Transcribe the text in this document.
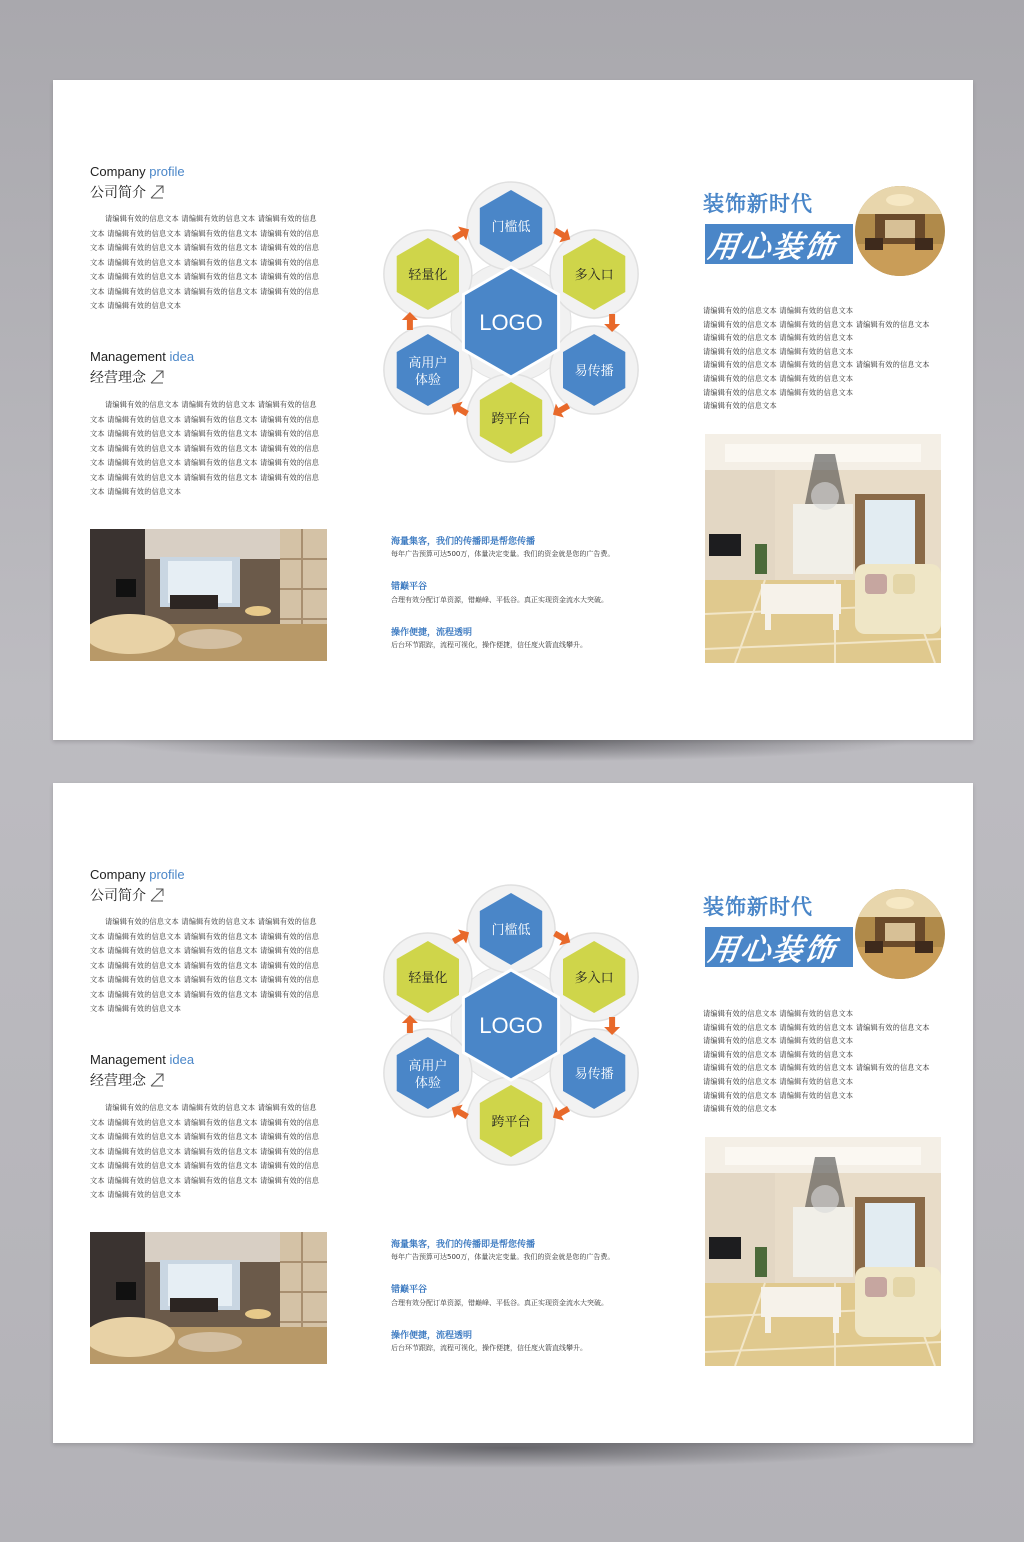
Company profile
公司简介
请编辑有效的信息文本 请编辑有效的信息文本 请编辑有效的信息
文本 请编辑有效的信息文本 请编辑有效的信息文本 请编辑有效的信息
文本 请编辑有效的信息文本 请编辑有效的信息文本 请编辑有效的信息
文本 请编辑有效的信息文本 请编辑有效的信息文本 请编辑有效的信息
文本 请编辑有效的信息文本 请编辑有效的信息文本 请编辑有效的信息
文本 请编辑有效的信息文本 请编辑有效的信息文本 请编辑有效的信息
文本 请编辑有效的信息文本
Management idea
经营理念
请编辑有效的信息文本 请编辑有效的信息文本 请编辑有效的信息
文本 请编辑有效的信息文本 请编辑有效的信息文本 请编辑有效的信息
文本 请编辑有效的信息文本 请编辑有效的信息文本 请编辑有效的信息
文本 请编辑有效的信息文本 请编辑有效的信息文本 请编辑有效的信息
文本 请编辑有效的信息文本 请编辑有效的信息文本 请编辑有效的信息
文本 请编辑有效的信息文本 请编辑有效的信息文本 请编辑有效的信息
文本 请编辑有效的信息文本
门槛低
多入口
易传播
跨平台
高用户
体验
轻量化
LOGO
海量集客，我们的传播即是帮您传播
每年广告预算可达500万，体量决定变量。我们的资金就是您的广告费。
错巅平谷
合理有效分配订单资源，错巅峰、平低谷。真正实现资金流水大突破。
操作便捷，流程透明
后台环节跟踪，流程可视化，操作便捷，信任度火箭直线攀升。
装饰新时代
用心装饰
请编辑有效的信息文本 请编辑有效的信息文本
请编辑有效的信息文本 请编辑有效的信息文本 请编辑有效的信息文本
请编辑有效的信息文本 请编辑有效的信息文本
请编辑有效的信息文本 请编辑有效的信息文本
请编辑有效的信息文本 请编辑有效的信息文本 请编辑有效的信息文本
请编辑有效的信息文本 请编辑有效的信息文本
请编辑有效的信息文本 请编辑有效的信息文本
请编辑有效的信息文本
Company profile
公司简介
请编辑有效的信息文本 请编辑有效的信息文本 请编辑有效的信息
文本 请编辑有效的信息文本 请编辑有效的信息文本 请编辑有效的信息
文本 请编辑有效的信息文本 请编辑有效的信息文本 请编辑有效的信息
文本 请编辑有效的信息文本 请编辑有效的信息文本 请编辑有效的信息
文本 请编辑有效的信息文本 请编辑有效的信息文本 请编辑有效的信息
文本 请编辑有效的信息文本 请编辑有效的信息文本 请编辑有效的信息
文本 请编辑有效的信息文本
Management idea
经营理念
请编辑有效的信息文本 请编辑有效的信息文本 请编辑有效的信息
文本 请编辑有效的信息文本 请编辑有效的信息文本 请编辑有效的信息
文本 请编辑有效的信息文本 请编辑有效的信息文本 请编辑有效的信息
文本 请编辑有效的信息文本 请编辑有效的信息文本 请编辑有效的信息
文本 请编辑有效的信息文本 请编辑有效的信息文本 请编辑有效的信息
文本 请编辑有效的信息文本 请编辑有效的信息文本 请编辑有效的信息
文本 请编辑有效的信息文本
门槛低
多入口
易传播
跨平台
高用户
体验
轻量化
LOGO
海量集客，我们的传播即是帮您传播
每年广告预算可达500万，体量决定变量。我们的资金就是您的广告费。
错巅平谷
合理有效分配订单资源，错巅峰、平低谷。真正实现资金流水大突破。
操作便捷，流程透明
后台环节跟踪，流程可视化，操作便捷，信任度火箭直线攀升。
装饰新时代
用心装饰
请编辑有效的信息文本 请编辑有效的信息文本
请编辑有效的信息文本 请编辑有效的信息文本 请编辑有效的信息文本
请编辑有效的信息文本 请编辑有效的信息文本
请编辑有效的信息文本 请编辑有效的信息文本
请编辑有效的信息文本 请编辑有效的信息文本 请编辑有效的信息文本
请编辑有效的信息文本 请编辑有效的信息文本
请编辑有效的信息文本 请编辑有效的信息文本
请编辑有效的信息文本
